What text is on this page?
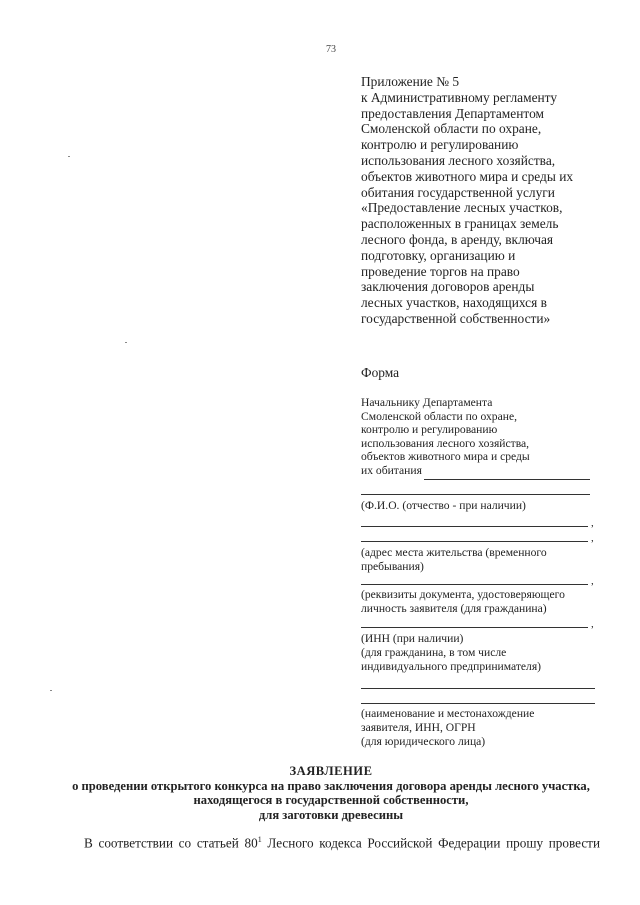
73
Приложение № 5
к Административному регламенту
предоставления Департаментом
Смоленской области по охране,
контролю и регулированию
использования лесного хозяйства,
объектов животного мира и среды их
обитания государственной услуги
«Предоставление лесных участков,
расположенных в границах земель
лесного фонда, в аренду, включая
подготовку, организацию и
проведение торгов на право
заключения договоров аренды
лесных участков, находящихся в
государственной собственности»
Форма
Начальнику Департамента
Смоленской области по охране,
контролю и регулированию
использования лесного хозяйства,
объектов животного мира и среды
их обитания
(Ф.И.О. (отчество - при наличии)
,
,
(адрес места жительства (временного
пребывания)
,
(реквизиты документа, удостоверяющего
личность заявителя (для гражданина)
,
(ИНН (при наличии)
(для гражданина, в том числе
индивидуального предпринимателя)
(наименование и местонахождение
заявителя, ИНН, ОГРН
(для юридического лица)
ЗАЯВЛЕНИЕ
о проведении открытого конкурса на право заключения договора аренды лесного участка,
находящегося в государственной собственности,
для заготовки древесины
В соответствии со статьей $80^1$ Лесного кодекса Российской Федерации прошу провести
